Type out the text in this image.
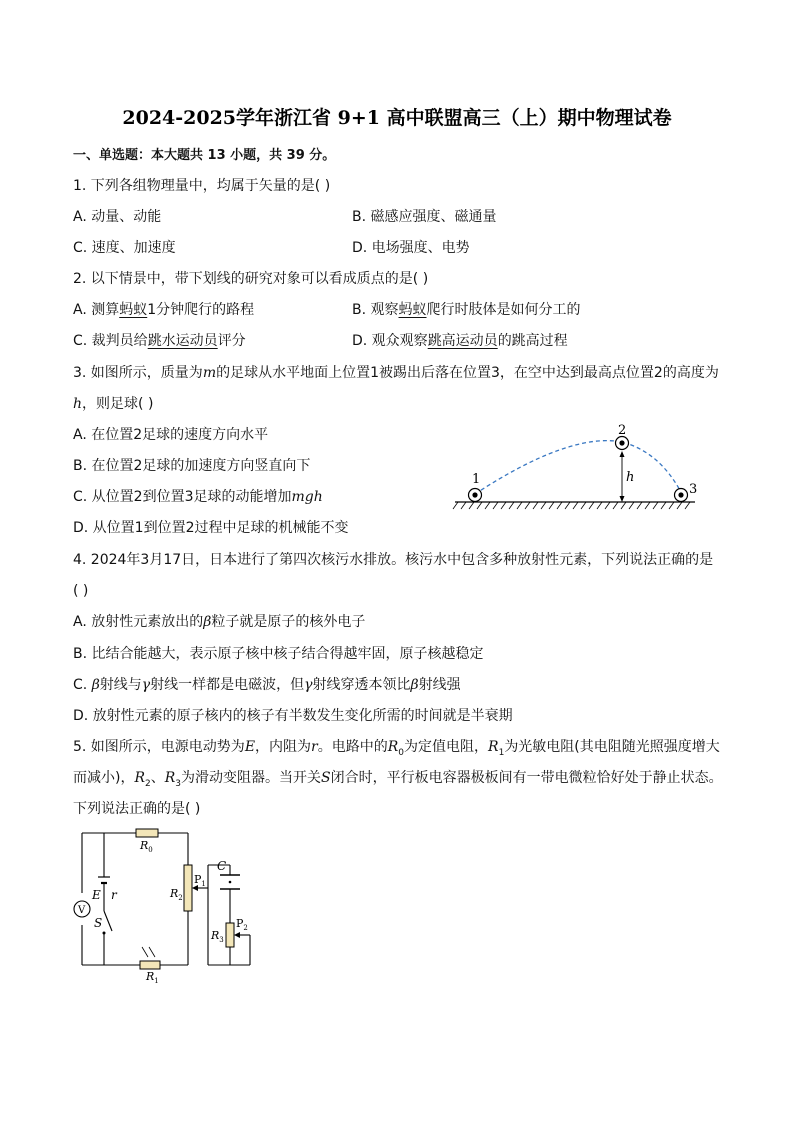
2024-2025学年浙江省 9+1 高中联盟高三（上）期中物理试卷
一、单选题：本大题共 13 小题，共 39 分。
1. 下列各组物理量中，均属于矢量的是( )
A. 动量、动能	B. 磁感应强度、磁通量
C. 速度、加速度	D. 电场强度、电势
2. 以下情景中，带下划线的研究对象可以看成质点的是( )
A. 测算蚂蚁1分钟爬行的路程	B. 观察蚂蚁爬行时肢体是如何分工的
C. 裁判员给跳水运动员评分	D. 观众观察跳高运动员的跳高过程
3. 如图所示，质量为m的足球从水平地面上位置1被踢出后落在位置3，在空中达到最高点位置2的高度为
h，则足球( )
A. 在位置2足球的速度方向水平
B. 在位置2足球的加速度方向竖直向下
C. 从位置2到位置3足球的动能增加mgh
D. 从位置1到位置2过程中足球的机械能不变
1
2
3
h
4. 2024年3月17日，日本进行了第四次核污水排放。核污水中包含多种放射性元素，下列说法正确的是
( )
A. 放射性元素放出的β粒子就是原子的核外电子
B. 比结合能越大，表示原子核中核子结合得越牢固，原子核越稳定
C. β射线与γ射线一样都是电磁波，但γ射线穿透本领比β射线强
D. 放射性元素的原子核内的核子有半数发生变化所需的时间就是半衰期
5. 如图所示，电源电动势为E，内阻为r。电路中的$R_0$为定值电阻，$R_1$为光敏电阻(其电阻随光照强度增大
而减小)，$R_2$、$R_3$为滑动变阻器。当开关S闭合时，平行板电容器极板间有一带电微粒恰好处于静止状态。
下列说法正确的是( )
V
$R_0$
E r
S
$R_1$
$R_2$
$P_1$
C
$R_3$
$P_2$
